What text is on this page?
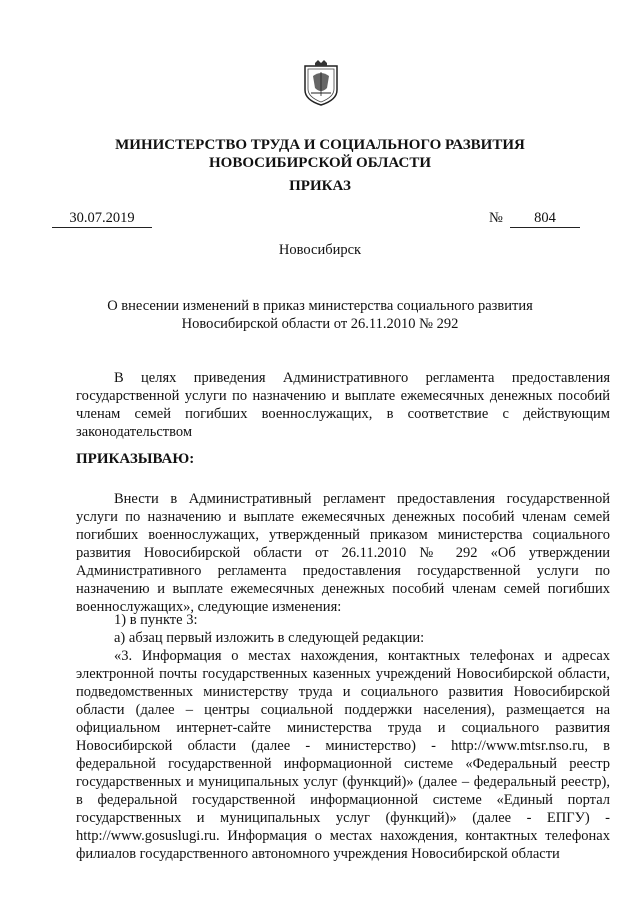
МИНИСТЕРСТВО ТРУДА И СОЦИАЛЬНОГО РАЗВИТИЯ
НОВОСИБИРСКОЙ ОБЛАСТИ
ПРИКАЗ
30.07.2019	№	804
Новосибирск
О внесении изменений в приказ министерства социального развития
Новосибирской области от 26.11.2010 № 292
В целях приведения Административного регламента предоставления государственной услуги по назначению и выплате ежемесячных денежных пособий членам семей погибших военнослужащих, в соответствие с действующим законодательством
ПРИКАЗЫВАЮ:
Внести в Административный регламент предоставления государственной услуги по назначению и выплате ежемесячных денежных пособий членам семей погибших военнослужащих, утвержденный приказом министерства социального развития Новосибирской области от 26.11.2010 № 292 «Об утверждении Административного регламента предоставления государственной услуги по назначению и выплате ежемесячных денежных пособий членам семей погибших военнослужащих», следующие изменения:
1) в пункте 3:
а) абзац первый изложить в следующей редакции:
«3. Информация о местах нахождения, контактных телефонах и адресах электронной почты государственных казенных учреждений Новосибирской области, подведомственных министерству труда и социального развития Новосибирской области (далее – центры социальной поддержки населения), размещается на официальном интернет-сайте министерства труда и социального развития Новосибирской области (далее - министерство) - http://www.mtsr.nso.ru, в федеральной государственной информационной системе «Федеральный реестр государственных и муниципальных услуг (функций)» (далее – федеральный реестр), в федеральной государственной информационной системе «Единый портал государственных и муниципальных услуг (функций)» (далее - ЕПГУ) - http://www.gosuslugi.ru. Информация о местах нахождения, контактных телефонах филиалов государственного автономного учреждения Новосибирской области
